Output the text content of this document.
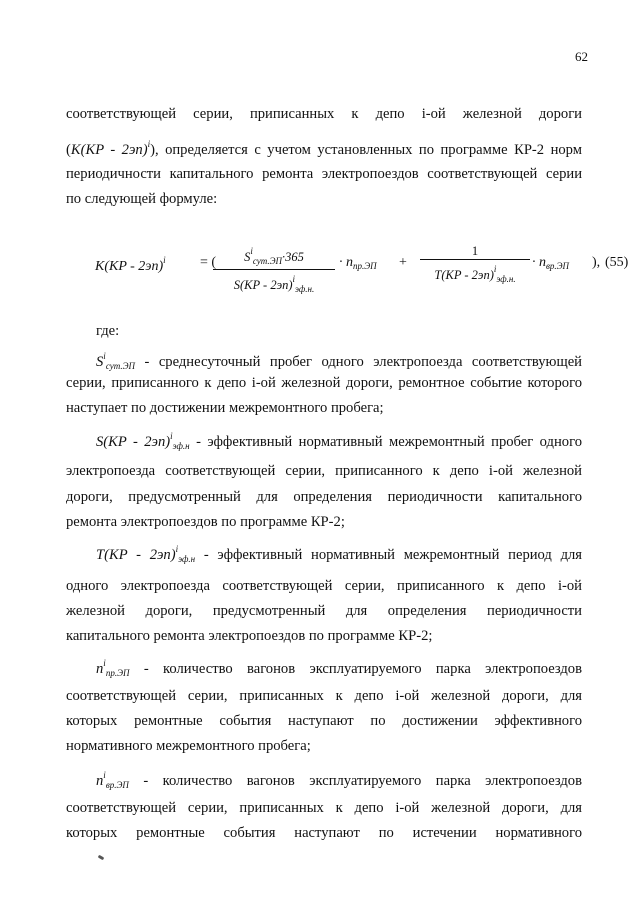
62
соответствующей серии, приписанных к депо i-ой железной дороги
(K(KP - 2эп)$^i$), определяется с учетом установленных по программе КР-2 норм
периодичности капитального ремонта электропоездов соответствующей серии
по следующей формуле:
K(KP - 2эп)$^i$ = (	$S^i_{сут.ЭП}\cdot 365$
S(KP - 2эп)$^i_{эф.н.}$
· $n_{пр.ЭП}$ +
1
T(KP - 2эп)$^i_{эф.н.}$
· $n_{вр.ЭП}$ ), (55)
где:
$S^i_{сут.ЭП}$ - среднесуточный пробег одного электропоезда соответствующей
серии, приписанного к депо i-ой железной дороги, ремонтное событие которого
наступает по достижении межремонтного пробега;
S(KP - 2эп)$^i_{эф.н}$ - эффективный нормативный межремонтный пробег одного
электропоезда соответствующей серии, приписанного к депо i-ой железной
дороги, предусмотренный для определения периодичности капитального
ремонта электропоездов по программе КР-2;
T(KP - 2эп)$^i_{эф.н}$ - эффективный нормативный межремонтный период для
одного электропоезда соответствующей серии, приписанного к депо i-ой
железной дороги, предусмотренный для определения периодичности
капитального ремонта электропоездов по программе КР-2;
$n^i_{пр.ЭП}$ - количество вагонов эксплуатируемого парка электропоездов
соответствующей серии, приписанных к депо i-ой железной дороги, для
которых ремонтные события наступают по достижении эффективного
нормативного межремонтного пробега;
$n^i_{вр.ЭП}$ - количество вагонов эксплуатируемого парка электропоездов
соответствующей серии, приписанных к депо i-ой железной дороги, для
которых ремонтные события наступают по истечении нормативного
